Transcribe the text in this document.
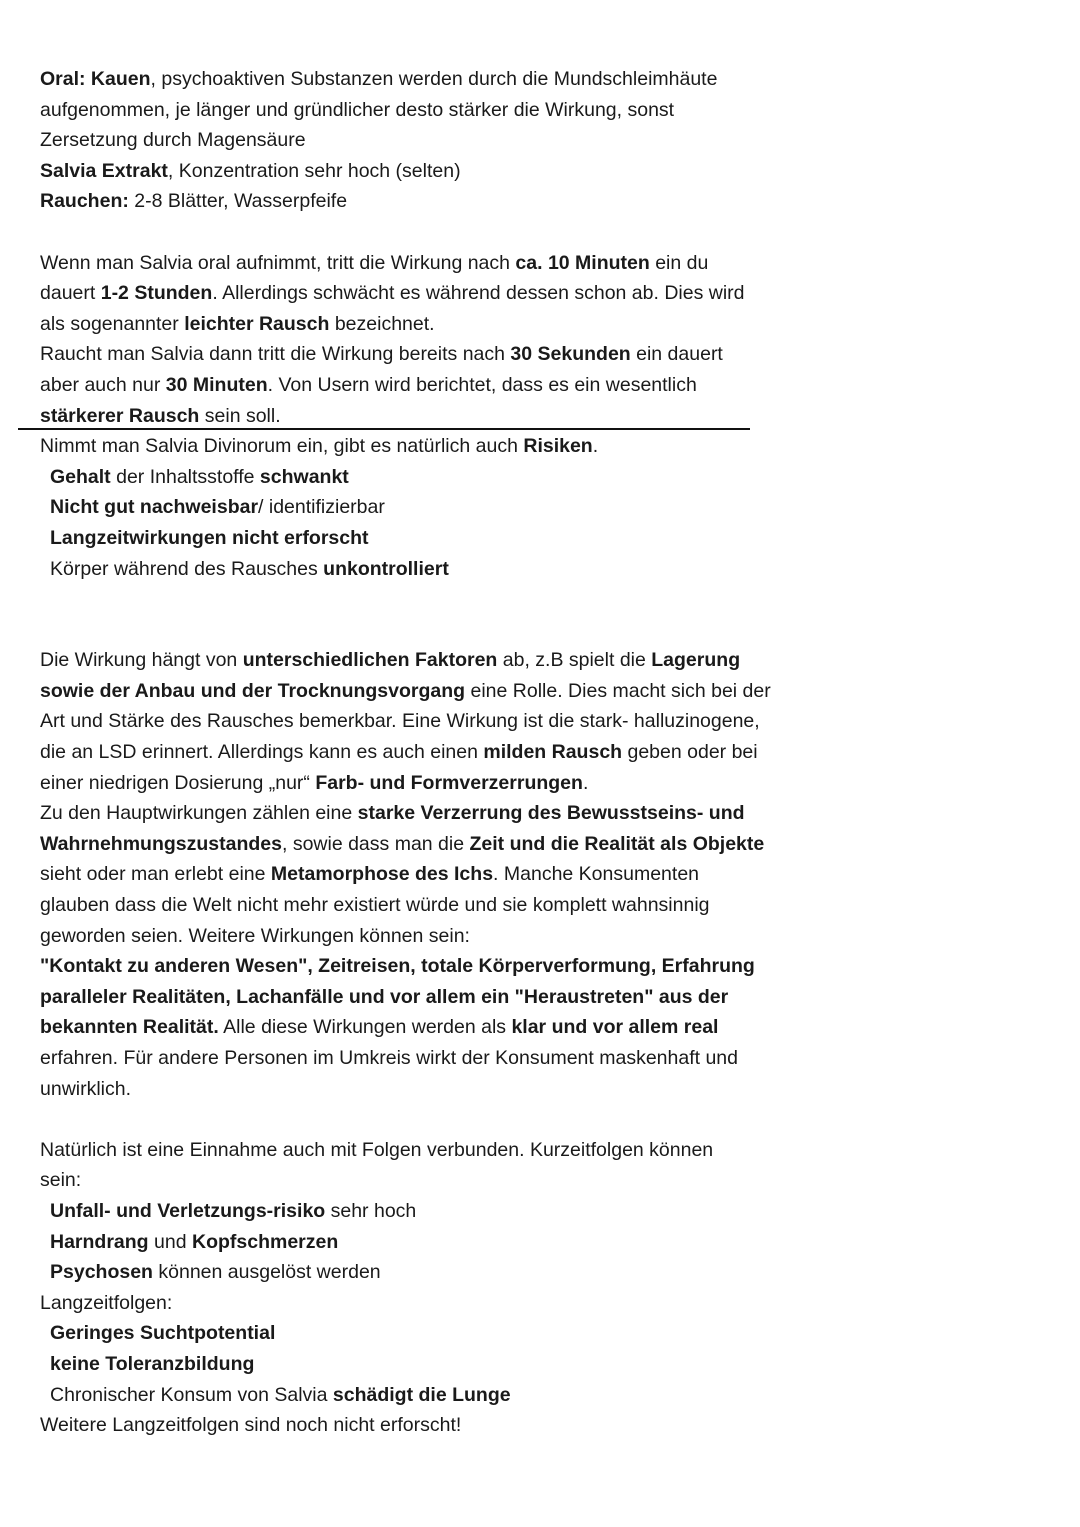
Oral: Kauen, psychoaktiven Substanzen werden durch die Mundschleimhäute
aufgenommen, je länger und gründlicher desto stärker die Wirkung, sonst
Zersetzung durch Magensäure
Salvia Extrakt, Konzentration sehr hoch (selten)
Rauchen: 2-8 Blätter, Wasserpfeife
Wenn man Salvia oral aufnimmt, tritt die Wirkung nach ca. 10 Minuten ein du
dauert 1-2 Stunden. Allerdings schwächt es während dessen schon ab. Dies wird
als sogenannter leichter Rausch bezeichnet.
Raucht man Salvia dann tritt die Wirkung bereits nach 30 Sekunden ein dauert
aber auch nur 30 Minuten. Von Usern wird berichtet, dass es ein wesentlich
stärkerer Rausch sein soll.
Nimmt man Salvia Divinorum ein, gibt es natürlich auch Risiken.
Gehalt der Inhaltsstoffe schwankt
Nicht gut nachweisbar/ identifizierbar
Langzeitwirkungen nicht erforscht
Körper während des Rausches unkontrolliert
Die Wirkung hängt von unterschiedlichen Faktoren ab, z.B spielt die Lagerung
sowie der Anbau und der Trocknungsvorgang eine Rolle. Dies macht sich bei der
Art und Stärke des Rausches bemerkbar. Eine Wirkung ist die stark- halluzinogene,
die an LSD erinnert. Allerdings kann es auch einen milden Rausch geben oder bei
einer niedrigen Dosierung „nur“ Farb- und Formverzerrungen.
Zu den Hauptwirkungen zählen eine starke Verzerrung des Bewusstseins- und
Wahrnehmungszustandes, sowie dass man die Zeit und die Realität als Objekte
sieht oder man erlebt eine Metamorphose des Ichs. Manche Konsumenten
glauben dass die Welt nicht mehr existiert würde und sie komplett wahnsinnig
geworden seien. Weitere Wirkungen können sein:
"Kontakt zu anderen Wesen", Zeitreisen, totale Körperverformung, Erfahrung
paralleler Realitäten, Lachanfälle und vor allem ein "Heraustreten" aus der
bekannten Realität. Alle diese Wirkungen werden als klar und vor allem real
erfahren. Für andere Personen im Umkreis wirkt der Konsument maskenhaft und
unwirklich.
Natürlich ist eine Einnahme auch mit Folgen verbunden. Kurzeitfolgen können
sein:
Unfall- und Verletzungs-risiko sehr hoch
Harndrang und Kopfschmerzen
Psychosen können ausgelöst werden
Langzeitfolgen:
Geringes Suchtpotential
keine Toleranzbildung
Chronischer Konsum von Salvia schädigt die Lunge
Weitere Langzeitfolgen sind noch nicht erforscht!
